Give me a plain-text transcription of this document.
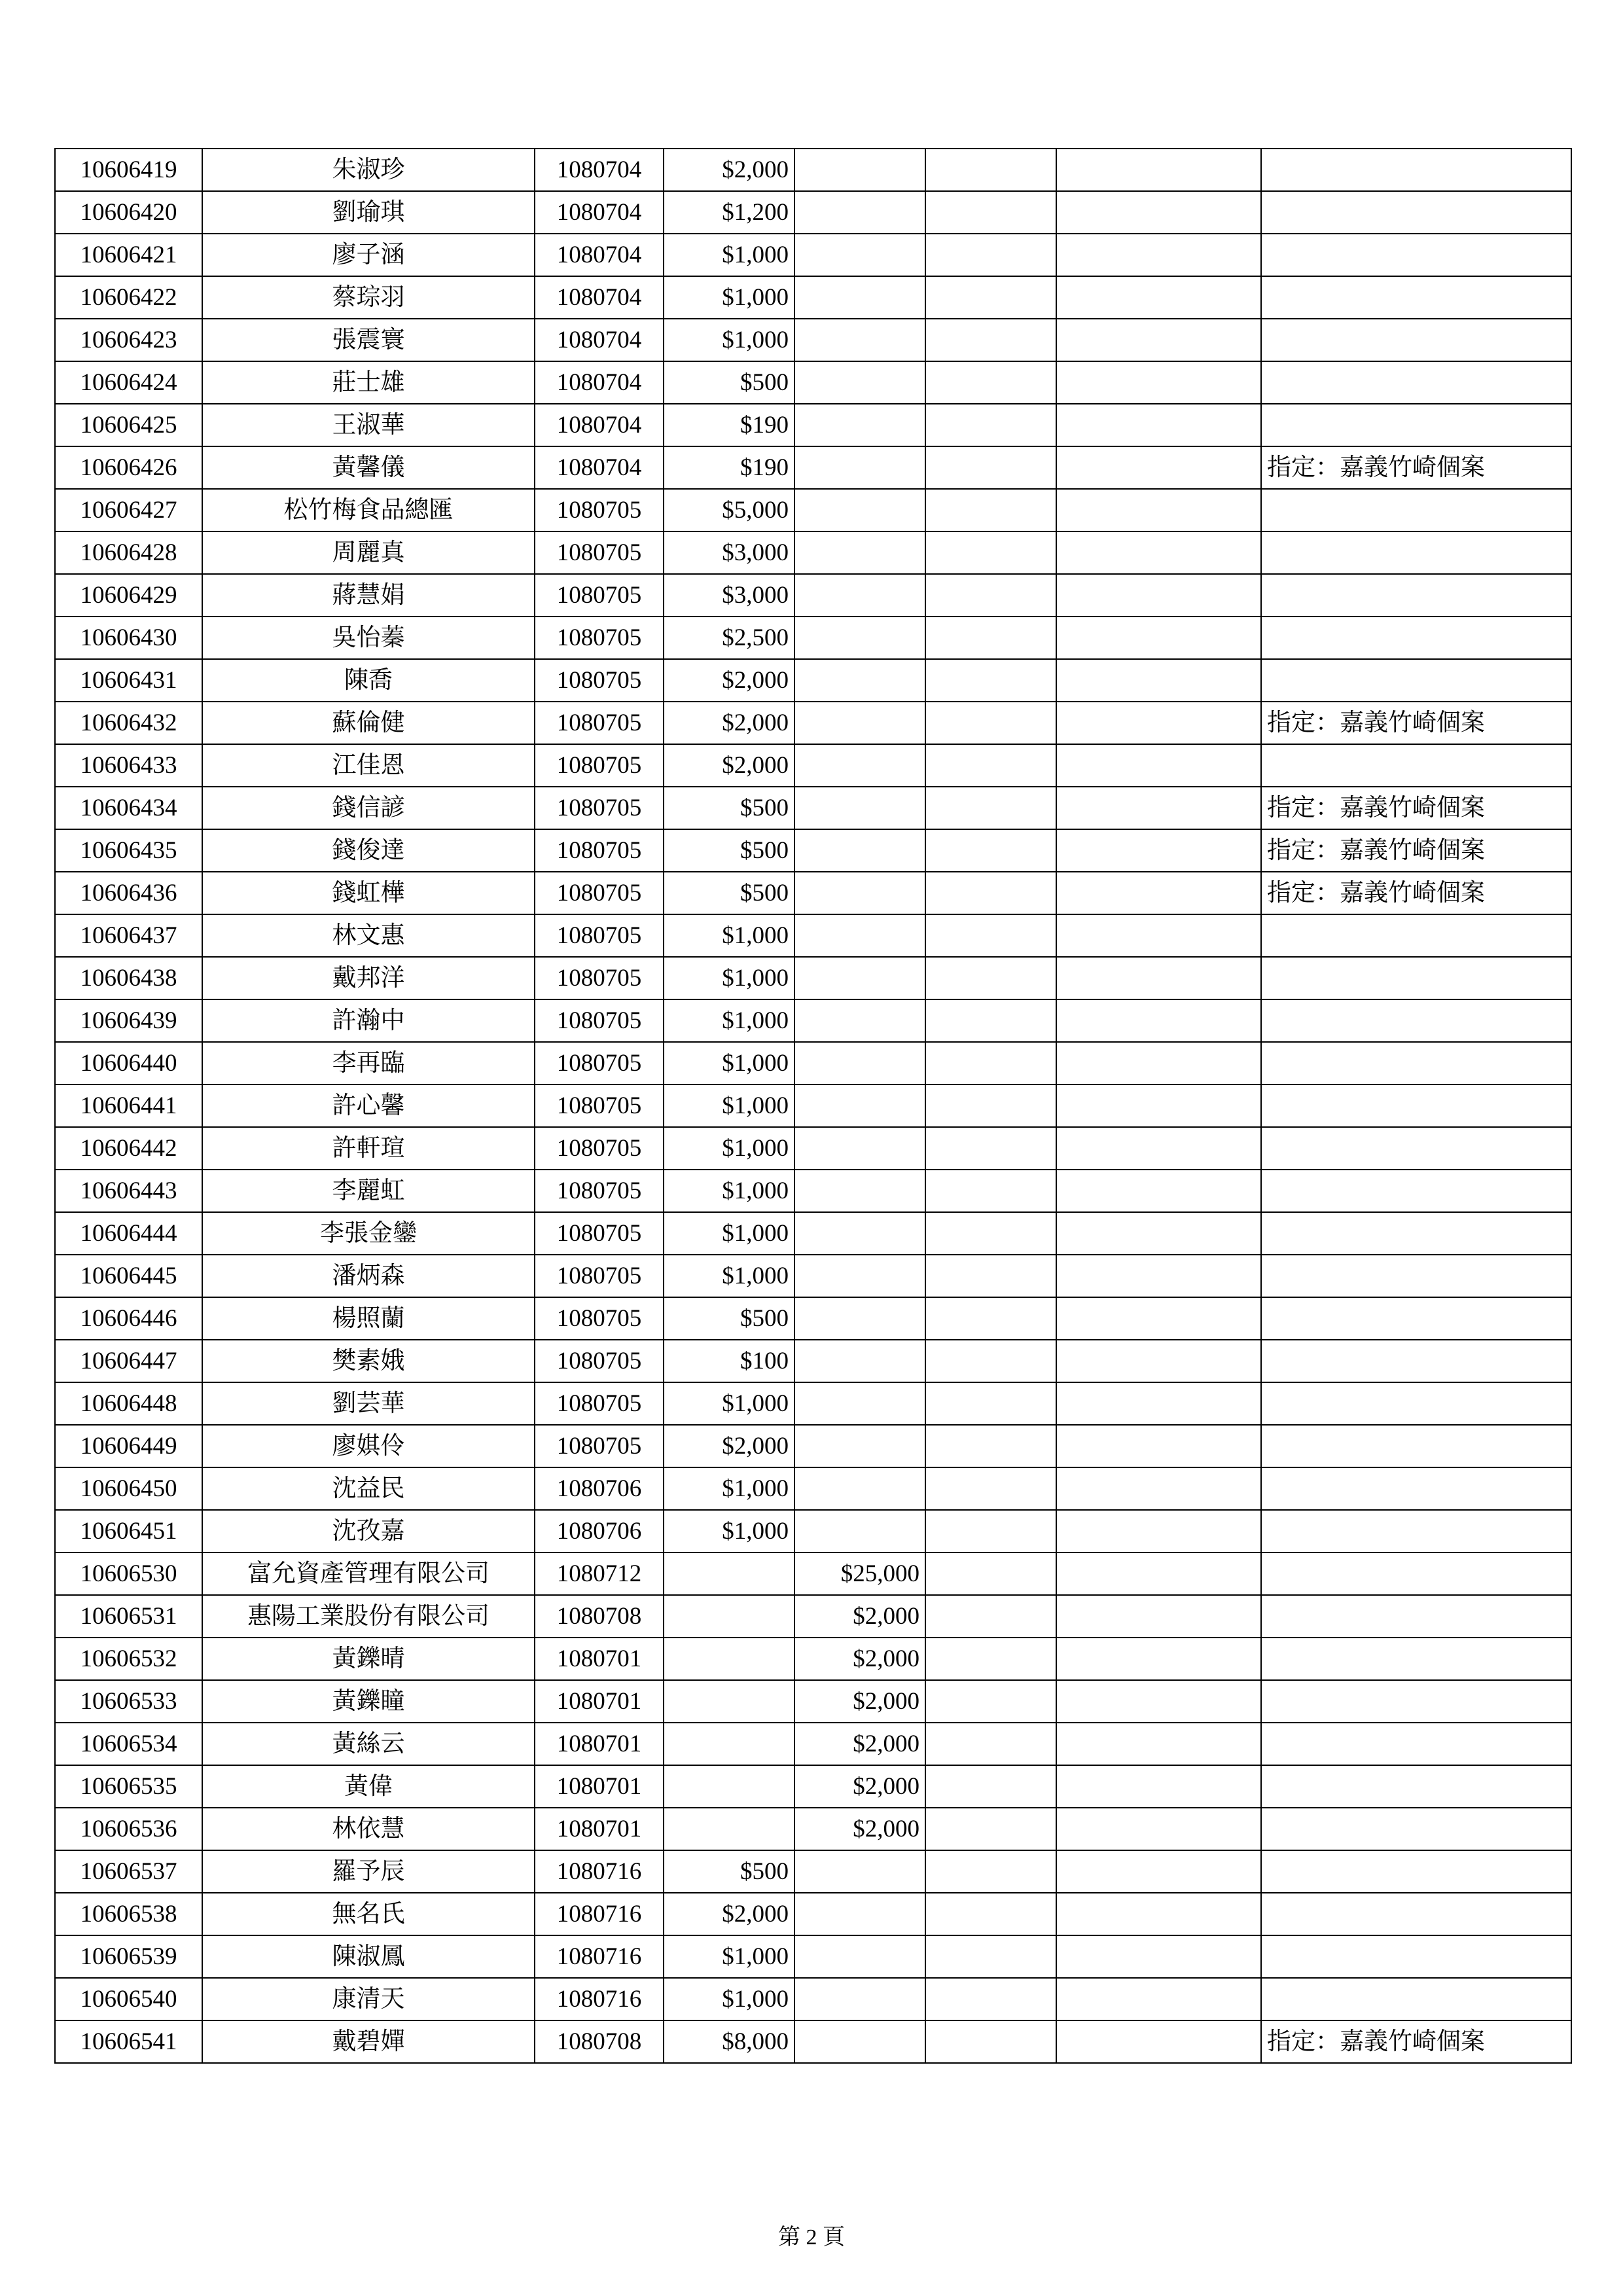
10606419	朱淑珍	1080704	$2,000				
10606420	劉瑜琪	1080704	$1,200				
10606421	廖子涵	1080704	$1,000				
10606422	蔡琮羽	1080704	$1,000				
10606423	張震寰	1080704	$1,000				
10606424	莊士雄	1080704	$500				
10606425	王淑華	1080704	$190				
10606426	黃馨儀	1080704	$190				指定：嘉義竹崎個案
10606427	松竹梅食品總匯	1080705	$5,000				
10606428	周麗真	1080705	$3,000				
10606429	蔣慧娟	1080705	$3,000				
10606430	吳怡蓁	1080705	$2,500				
10606431	陳喬	1080705	$2,000				
10606432	蘇倫健	1080705	$2,000				指定：嘉義竹崎個案
10606433	江佳恩	1080705	$2,000				
10606434	錢信諺	1080705	$500				指定：嘉義竹崎個案
10606435	錢俊達	1080705	$500				指定：嘉義竹崎個案
10606436	錢虹樺	1080705	$500				指定：嘉義竹崎個案
10606437	林文惠	1080705	$1,000				
10606438	戴邦洋	1080705	$1,000				
10606439	許瀚中	1080705	$1,000				
10606440	李再臨	1080705	$1,000				
10606441	許心馨	1080705	$1,000				
10606442	許軒瑄	1080705	$1,000				
10606443	李麗虹	1080705	$1,000				
10606444	李張金鑾	1080705	$1,000				
10606445	潘炳森	1080705	$1,000				
10606446	楊照蘭	1080705	$500				
10606447	樊素娥	1080705	$100				
10606448	劉芸華	1080705	$1,000				
10606449	廖娸伶	1080705	$2,000				
10606450	沈益民	1080706	$1,000				
10606451	沈孜嘉	1080706	$1,000				
10606530	富允資產管理有限公司	1080712		$25,000			
10606531	惠陽工業股份有限公司	1080708		$2,000			
10606532	黃鑠晴	1080701		$2,000			
10606533	黃鑠瞳	1080701		$2,000			
10606534	黃絲云	1080701		$2,000			
10606535	黃偉	1080701		$2,000			
10606536	林依慧	1080701		$2,000			
10606537	羅予辰	1080716	$500				
10606538	無名氏	1080716	$2,000				
10606539	陳淑鳳	1080716	$1,000				
10606540	康清天	1080716	$1,000				
10606541	戴碧嬋	1080708	$8,000				指定：嘉義竹崎個案
第 2 頁
